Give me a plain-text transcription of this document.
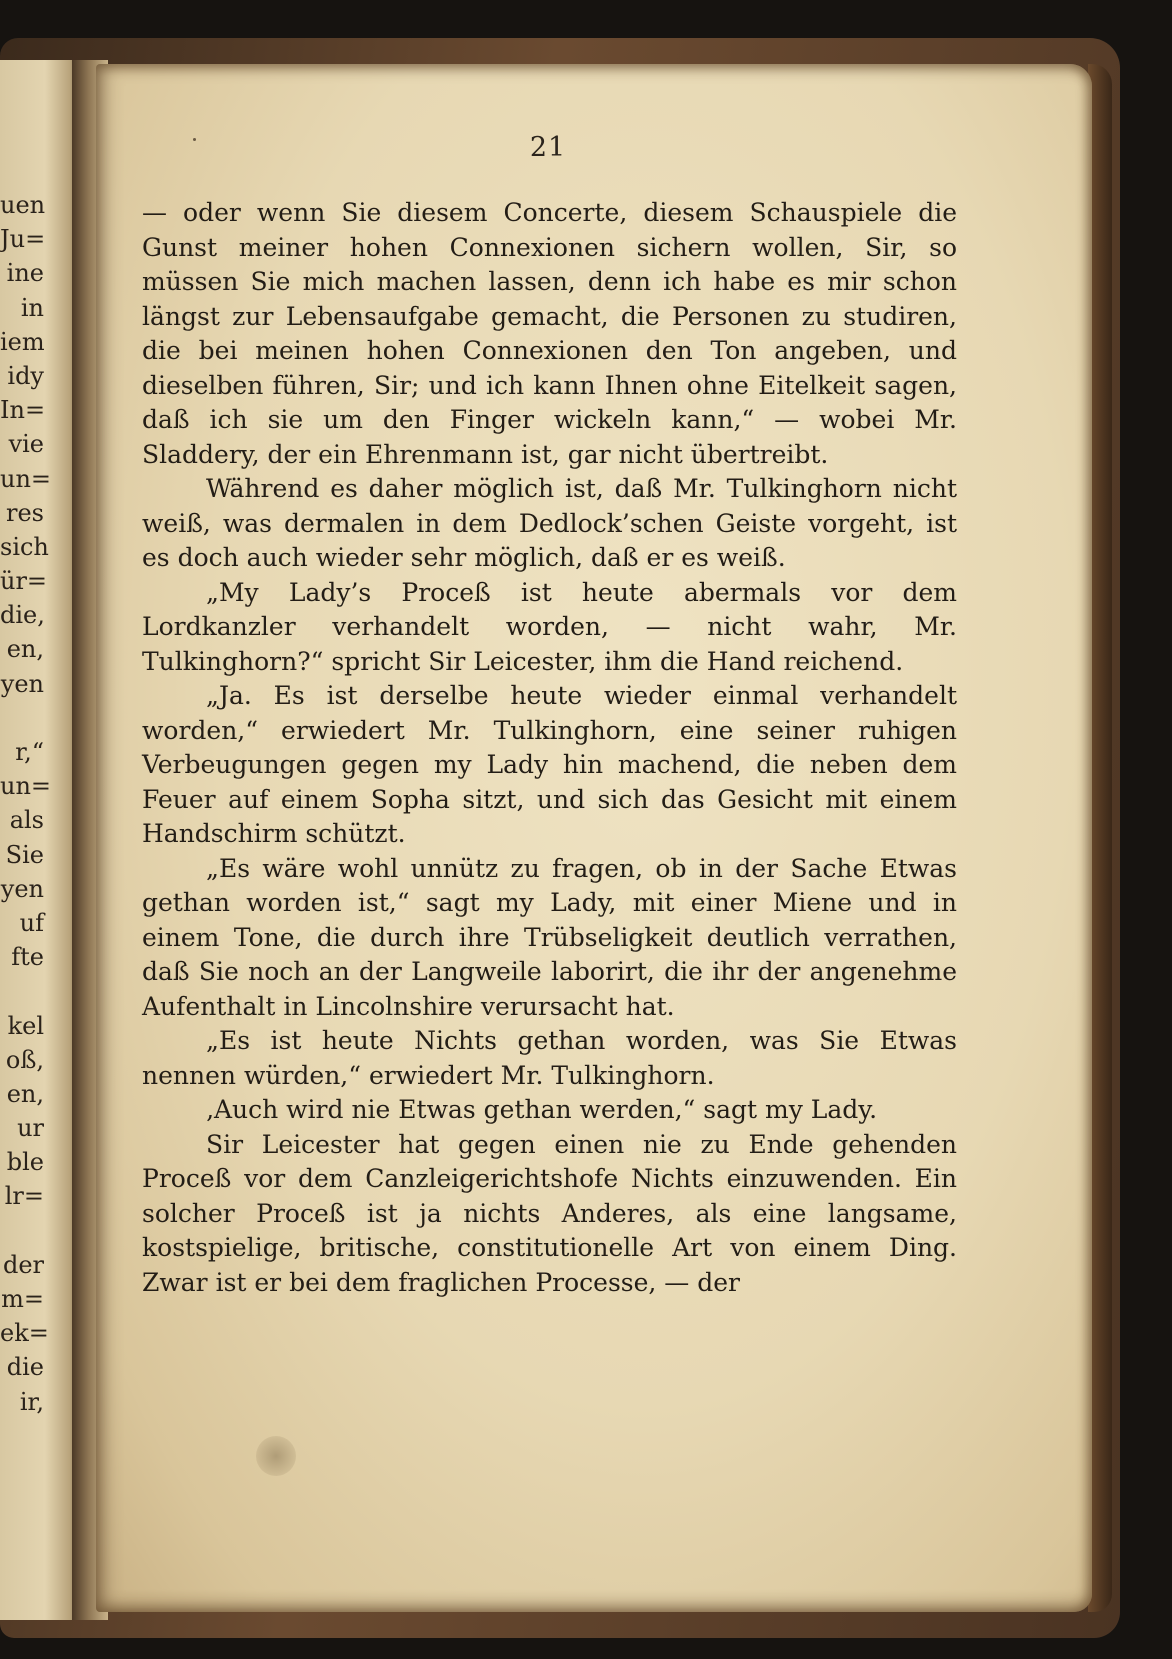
uen
Ju=
ine
in
iem
idy
In=
vie
un=
res
sich
ür=
die,
en,
yen
r,“
un=
als
Sie
yen
uf
fte
kel
oß,
en,
ur
ble
lr=
der
m=
ek=
die
ir,
21

— oder wenn Sie diesem Concerte, diesem Schauspiele die Gunst meiner hohen Connexionen sichern wollen, Sir, so müssen Sie mich machen lassen, denn ich habe es mir schon längst zur Lebensaufgabe gemacht, die Personen zu studiren, die bei meinen hohen Connexionen den Ton angeben, und dieselben führen, Sir; und ich kann Ihnen ohne Eitelkeit sagen, daß ich sie um den Finger wickeln kann,“ — wobei Mr. Sladdery, der ein Ehrenmann ist, gar nicht übertreibt.

Während es daher möglich ist, daß Mr. Tulkinghorn nicht weiß, was dermalen in dem Dedlock’schen Geiste vorgeht, ist es doch auch wieder sehr möglich, daß er es weiß.

„My Lady’s Proceß ist heute abermals vor dem Lordkanzler verhandelt worden, — nicht wahr, Mr. Tulkinghorn?“ spricht Sir Leicester, ihm die Hand reichend.

„Ja. Es ist derselbe heute wieder einmal verhandelt worden,“ erwiedert Mr. Tulkinghorn, eine seiner ruhigen Verbeugungen gegen my Lady hin machend, die neben dem Feuer auf einem Sopha sitzt, und sich das Gesicht mit einem Handschirm schützt.

„Es wäre wohl unnütz zu fragen, ob in der Sache Etwas gethan worden ist,“ sagt my Lady, mit einer Miene und in einem Tone, die durch ihre Trübseligkeit deutlich verrathen, daß Sie noch an der Langweile laborirt, die ihr der angenehme Aufenthalt in Lincolnshire verursacht hat.

„Es ist heute Nichts gethan worden, was Sie Etwas nennen würden,“ erwiedert Mr. Tulkinghorn.

‚Auch wird nie Etwas gethan werden,“ sagt my Lady.

Sir Leicester hat gegen einen nie zu Ende gehenden Proceß vor dem Canzleigerichtshofe Nichts einzuwenden. Ein solcher Proceß ist ja nichts Anderes, als eine langsame, kostspielige, britische, constitutionelle Art von einem Ding. Zwar ist er bei dem fraglichen Processe, — der
